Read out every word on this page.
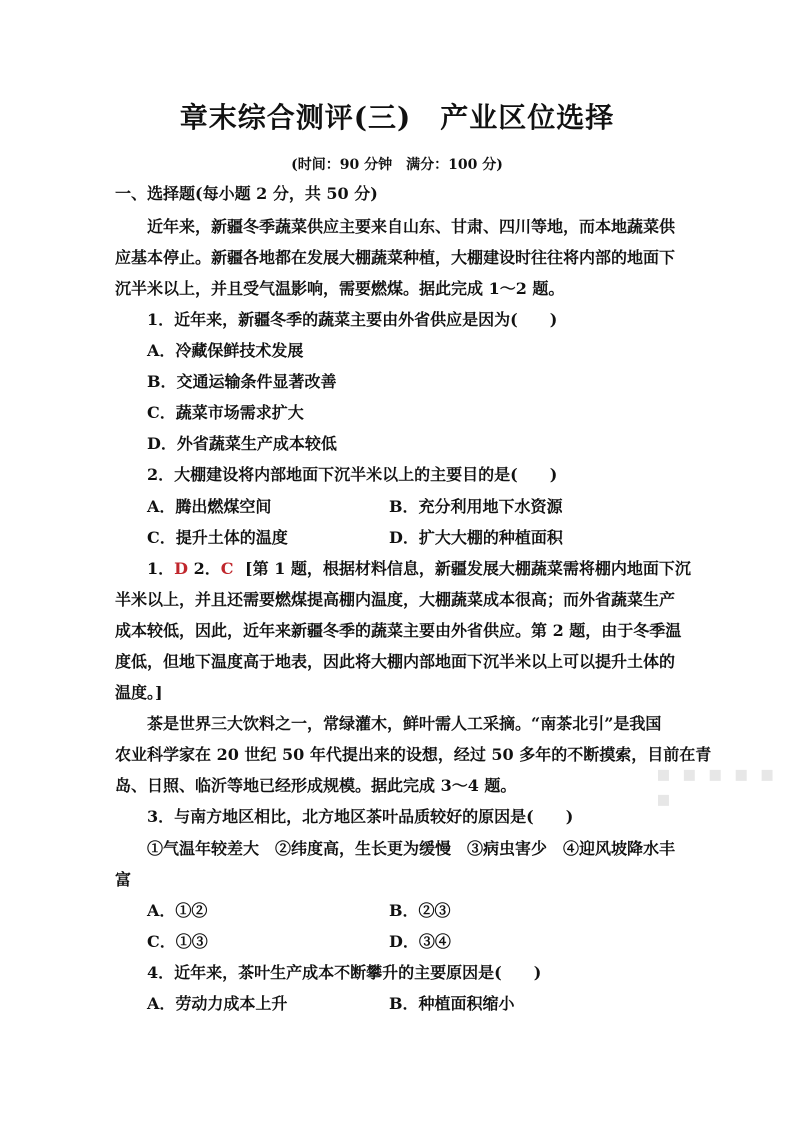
章末综合测评(三)　产业区位选择
(时间：90 分钟　满分：100 分)
一、选择题(每小题 2 分，共 50 分)
近年来，新疆冬季蔬菜供应主要来自山东、甘肃、四川等地，而本地蔬菜供
应基本停止。新疆各地都在发展大棚蔬菜种植，大棚建设时往往将内部的地面下
沉半米以上，并且受气温影响，需要燃煤。据此完成 1～2 题。
1．近年来，新疆冬季的蔬菜主要由外省供应是因为(　　)
A．冷藏保鲜技术发展
B．交通运输条件显著改善
C．蔬菜市场需求扩大
D．外省蔬菜生产成本较低
2．大棚建设将内部地面下沉半米以上的主要目的是(　　)
A．腾出燃煤空间	B．充分利用地下水资源
C．提升土体的温度	D．扩大大棚的种植面积
1．D 2．C [第 1 题，根据材料信息，新疆发展大棚蔬菜需将棚内地面下沉
半米以上，并且还需要燃煤提高棚内温度，大棚蔬菜成本很高；而外省蔬菜生产
成本较低，因此，近年来新疆冬季的蔬菜主要由外省供应。第 2 题，由于冬季温
度低，但地下温度高于地表，因此将大棚内部地面下沉半米以上可以提升土体的
温度。]
茶是世界三大饮料之一，常绿灌木，鲜叶需人工采摘。“南茶北引”是我国
农业科学家在 20 世纪 50 年代提出来的设想，经过 50 多年的不断摸索，目前在青
岛、日照、临沂等地已经形成规模。据此完成 3～4 题。
3．与南方地区相比，北方地区茶叶品质较好的原因是(　　)
①气温年较差大　②纬度高，生长更为缓慢　③病虫害少　④迎风坡降水丰
富
A．①②	B．②③
C．①③	D．③④
4．近年来，茶叶生产成本不断攀升的主要原因是(　　)
A．劳动力成本上升	B．种植面积缩小
▪ ▪ ▪ ▪ ▪ ▪
